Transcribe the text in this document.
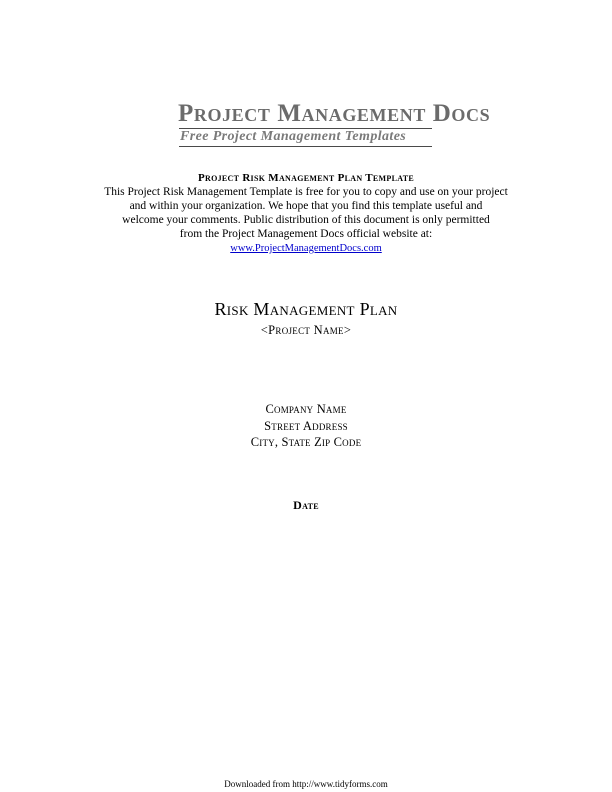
Project Management Docs
Free Project Management Templates
Project Risk Management Plan Template
This Project Risk Management Template is free for you to copy and use on your project
and within your organization. We hope that you find this template useful and
welcome your comments. Public distribution of this document is only permitted
from the Project Management Docs official website at:
www.ProjectManagementDocs.com
Risk Management Plan
<Project Name>
Company Name
Street Address
City, State Zip Code
Date
Downloaded from http://www.tidyforms.com
